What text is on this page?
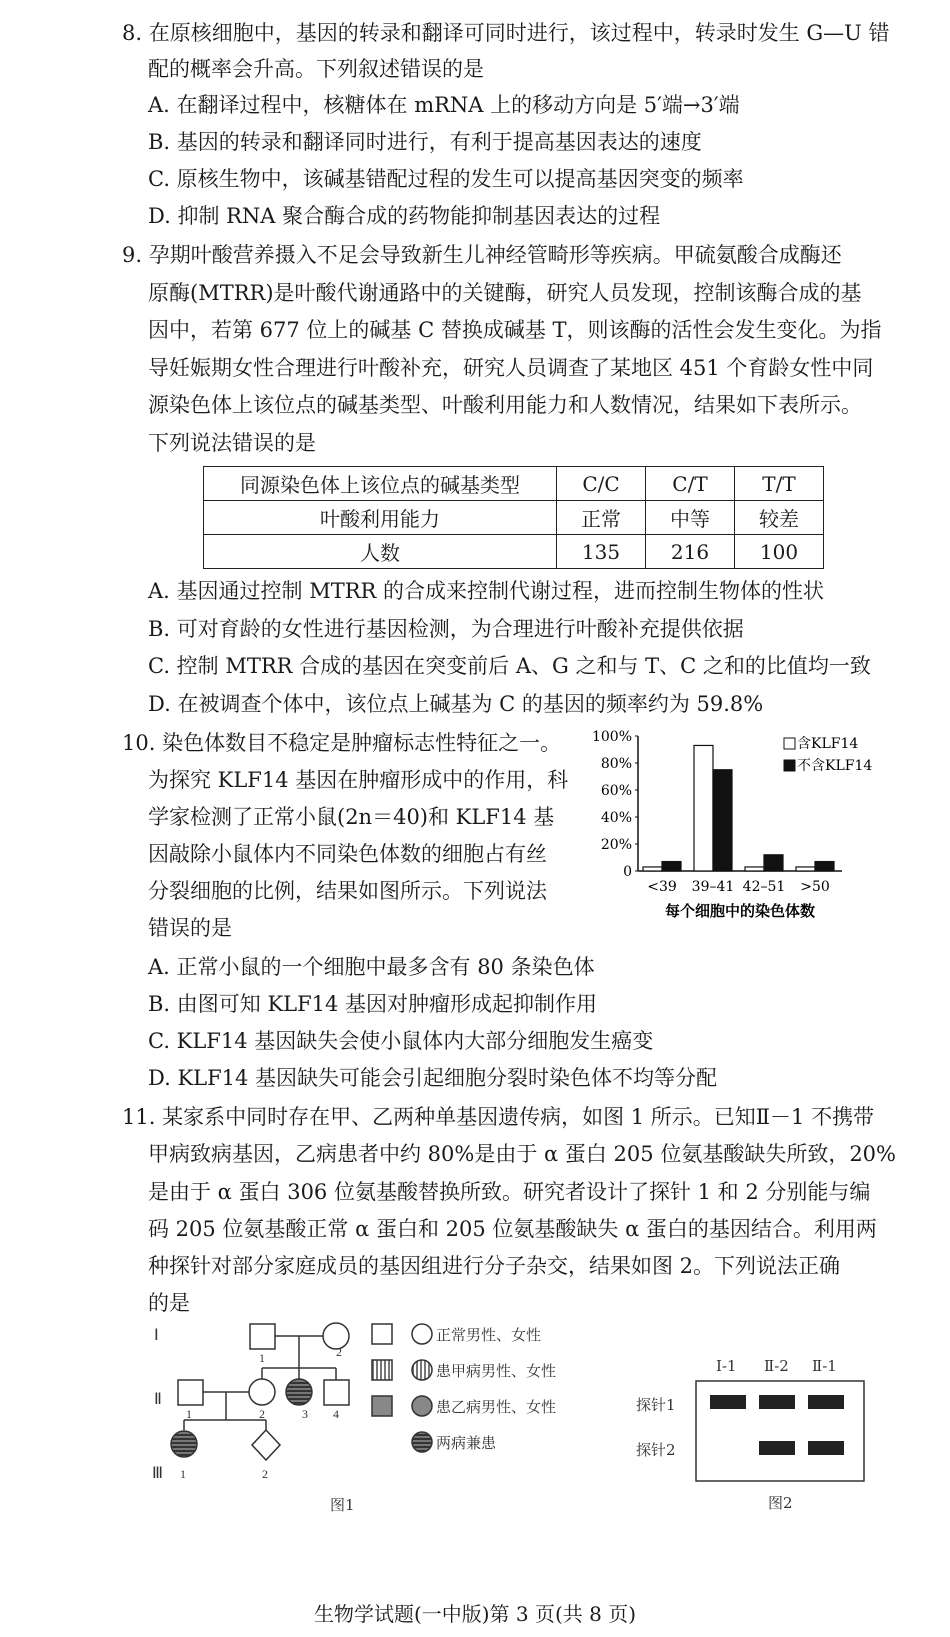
8. 在原核细胞中，基因的转录和翻译可同时进行，该过程中，转录时发生 G—U 错
配的概率会升高。下列叙述错误的是
A. 在翻译过程中，核糖体在 mRNA 上的移动方向是 5′端→3′端
B. 基因的转录和翻译同时进行，有利于提高基因表达的速度
C. 原核生物中，该碱基错配过程的发生可以提高基因突变的频率
D. 抑制 RNA 聚合酶合成的药物能抑制基因表达的过程
9. 孕期叶酸营养摄入不足会导致新生儿神经管畸形等疾病。甲硫氨酸合成酶还
原酶(MTRR)是叶酸代谢通路中的关键酶，研究人员发现，控制该酶合成的基
因中，若第 677 位上的碱基 C 替换成碱基 T，则该酶的活性会发生变化。为指
导妊娠期女性合理进行叶酸补充，研究人员调查了某地区 451 个育龄女性中同
源染色体上该位点的碱基类型、叶酸利用能力和人数情况，结果如下表所示。
下列说法错误的是
同源染色体上该位点的碱基类型	C/C	C/T	T/T
叶酸利用能力	正常	中等	较差
人数	135	216	100
A. 基因通过控制 MTRR 的合成来控制代谢过程，进而控制生物体的性状
B. 可对育龄的女性进行基因检测，为合理进行叶酸补充提供依据
C. 控制 MTRR 合成的基因在突变前后 A、G 之和与 T、C 之和的比值均一致
D. 在被调查个体中，该位点上碱基为 C 的基因的频率约为 59.8%
10. 染色体数目不稳定是肿瘤标志性特征之一。
为探究 KLF14 基因在肿瘤形成中的作用，科
学家检测了正常小鼠(2n＝40)和 KLF14 基
因敲除小鼠体内不同染色体数的细胞占有丝
分裂细胞的比例，结果如图所示。下列说法
错误的是
100%
80%
60%
40%
20%
0
<39 39–41 42–51 >50
每个细胞中的染色体数
含KLF14
不含KLF14
A. 正常小鼠的一个细胞中最多含有 80 条染色体
B. 由图可知 KLF14 基因对肿瘤形成起抑制作用
C. KLF14 基因缺失会使小鼠体内大部分细胞发生癌变
D. KLF14 基因缺失可能会引起细胞分裂时染色体不均等分配
11. 某家系中同时存在甲、乙两种单基因遗传病，如图 1 所示。已知Ⅱ－1 不携带
甲病致病基因，乙病患者中约 80%是由于 α 蛋白 205 位氨基酸缺失所致，20%
是由于 α 蛋白 306 位氨基酸替换所致。研究者设计了探针 1 和 2 分别能与编
码 205 位氨基酸正常 α 蛋白和 205 位氨基酸缺失 α 蛋白的基因结合。利用两
种探针对部分家庭成员的基因组进行分子杂交，结果如图 2。下列说法正确
的是
Ⅰ
Ⅱ
Ⅲ
1	2
1	2	3 4
1	2
正常男性、女性
患甲病男性、女性
患乙病男性、女性
两病兼患
图1
Ⅰ-1 Ⅱ-2 Ⅱ-1
探针1
探针2
图2
生物学试题(一中版)第 3 页(共 8 页)
